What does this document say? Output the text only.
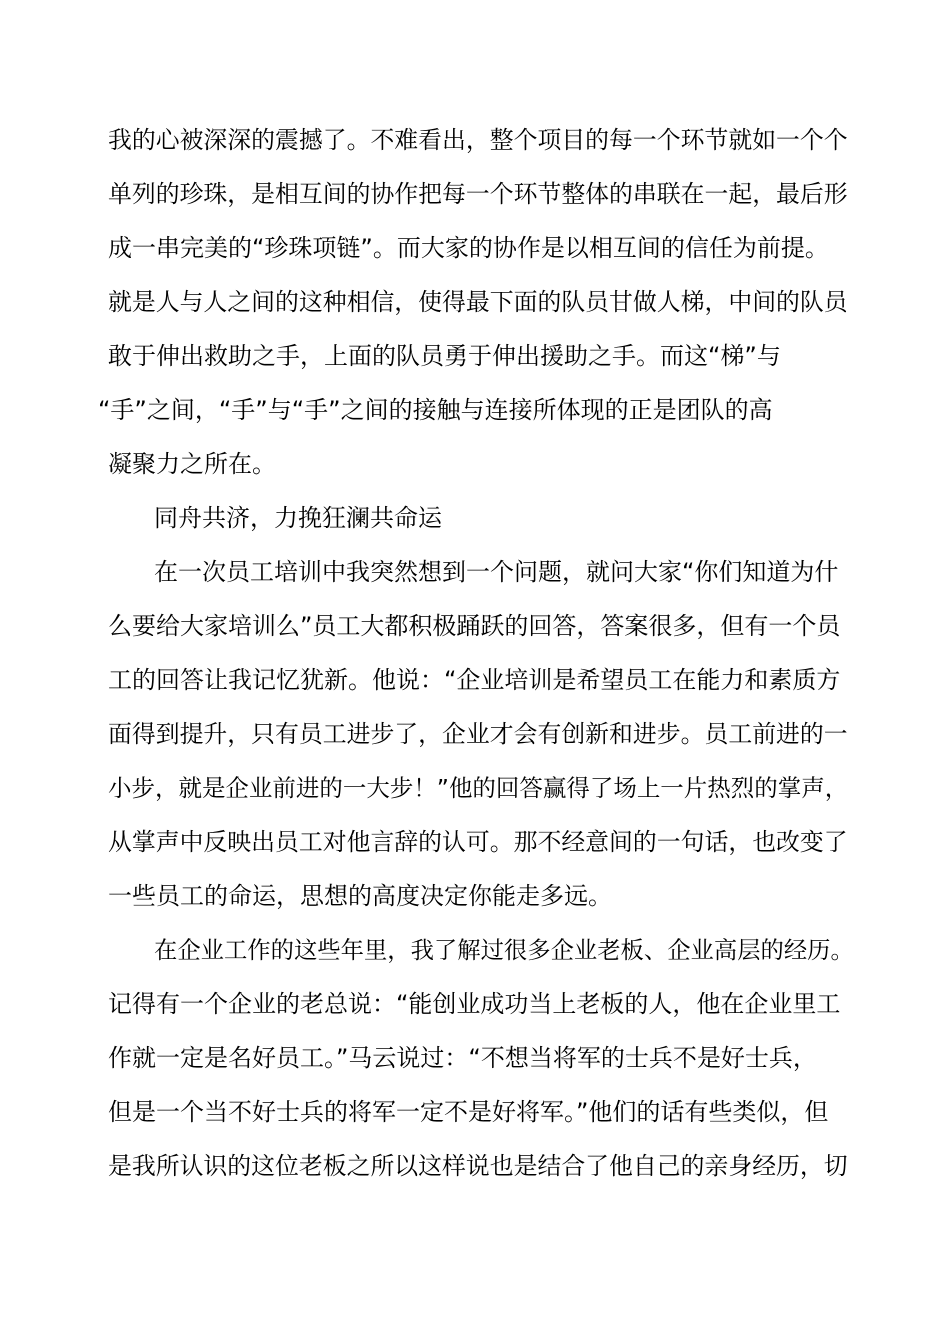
我的心被深深的震撼了。不难看出，整个项目的每一个环节就如一个个
单列的珍珠，是相互间的协作把每一个环节整体的串联在一起，最后形
成一串完美的“珍珠项链”。而大家的协作是以相互间的信任为前提。
就是人与人之间的这种相信，使得最下面的队员甘做人梯，中间的队员
敢于伸出救助之手，上面的队员勇于伸出援助之手。而这“梯”与
“手”之间，“手”与“手”之间的接触与连接所体现的正是团队的高
凝聚力之所在。
同舟共济，力挽狂澜共命运
在一次员工培训中我突然想到一个问题，就问大家“你们知道为什
么要给大家培训么”员工大都积极踊跃的回答，答案很多，但有一个员
工的回答让我记忆犹新。他说：“企业培训是希望员工在能力和素质方
面得到提升，只有员工进步了，企业才会有创新和进步。员工前进的一
小步，就是企业前进的一大步！”他的回答赢得了场上一片热烈的掌声，
从掌声中反映出员工对他言辞的认可。那不经意间的一句话，也改变了
一些员工的命运，思想的高度决定你能走多远。
在企业工作的这些年里，我了解过很多企业老板、企业高层的经历。
记得有一个企业的老总说：“能创业成功当上老板的人，他在企业里工
作就一定是名好员工。”马云说过：“不想当将军的士兵不是好士兵，
但是一个当不好士兵的将军一定不是好将军。”他们的话有些类似，但
是我所认识的这位老板之所以这样说也是结合了他自己的亲身经历，切
